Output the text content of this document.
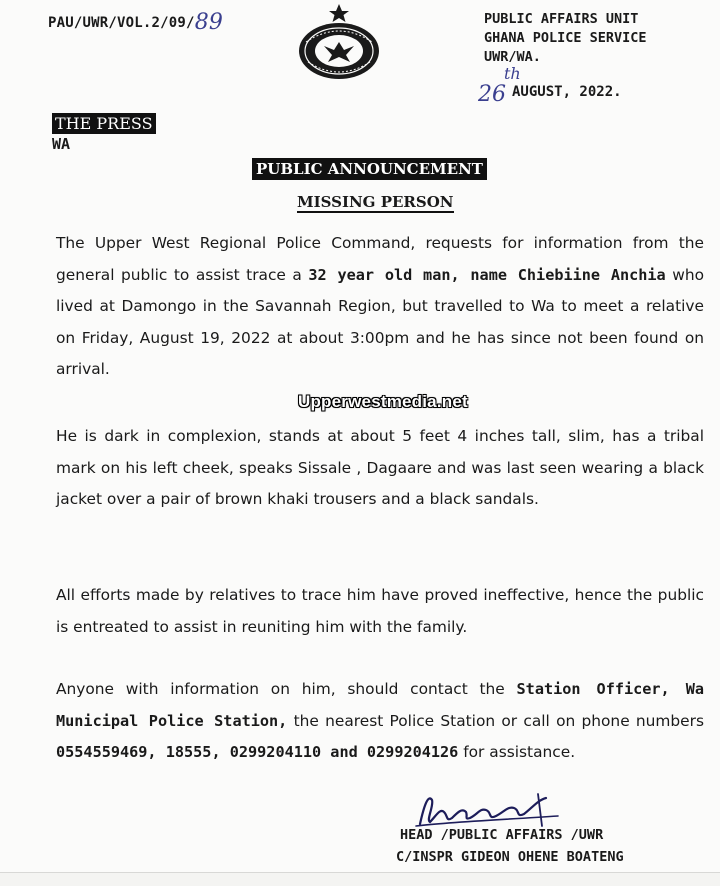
PAU/UWR/VOL.2/09/89	PUBLIC AFFAIRS UNIT
GHANA POLICE SERVICE
UWR/WA.
26
th
AUGUST, 2022.
THE PRESS
WA
PUBLIC ANNOUNCEMENT
MISSING PERSON
The Upper West Regional Police Command, requests for information from the general public to assist trace a 32 year old man, name Chiebiine Anchia who lived at Damongo in the Savannah Region, but travelled to Wa to meet a relative on Friday, August 19, 2022 at about 3:00pm and he has since not been found on arrival.
Upperwestmedia.net
He is dark in complexion, stands at about 5 feet 4 inches tall, slim, has a tribal mark on his left cheek, speaks Sissale , Dagaare and was last seen wearing a black jacket over a pair of brown khaki trousers and a black sandals.
All efforts made by relatives to trace him have proved ineffective, hence the public is entreated to assist in reuniting him with the family.
Anyone with information on him, should contact the Station Officer, Wa Municipal Police Station, the nearest Police Station or call on phone numbers 0554559469, 18555, 0299204110 and 0299204126 for assistance.
HEAD /PUBLIC AFFAIRS /UWR
C/INSPR GIDEON OHENE BOATENG
